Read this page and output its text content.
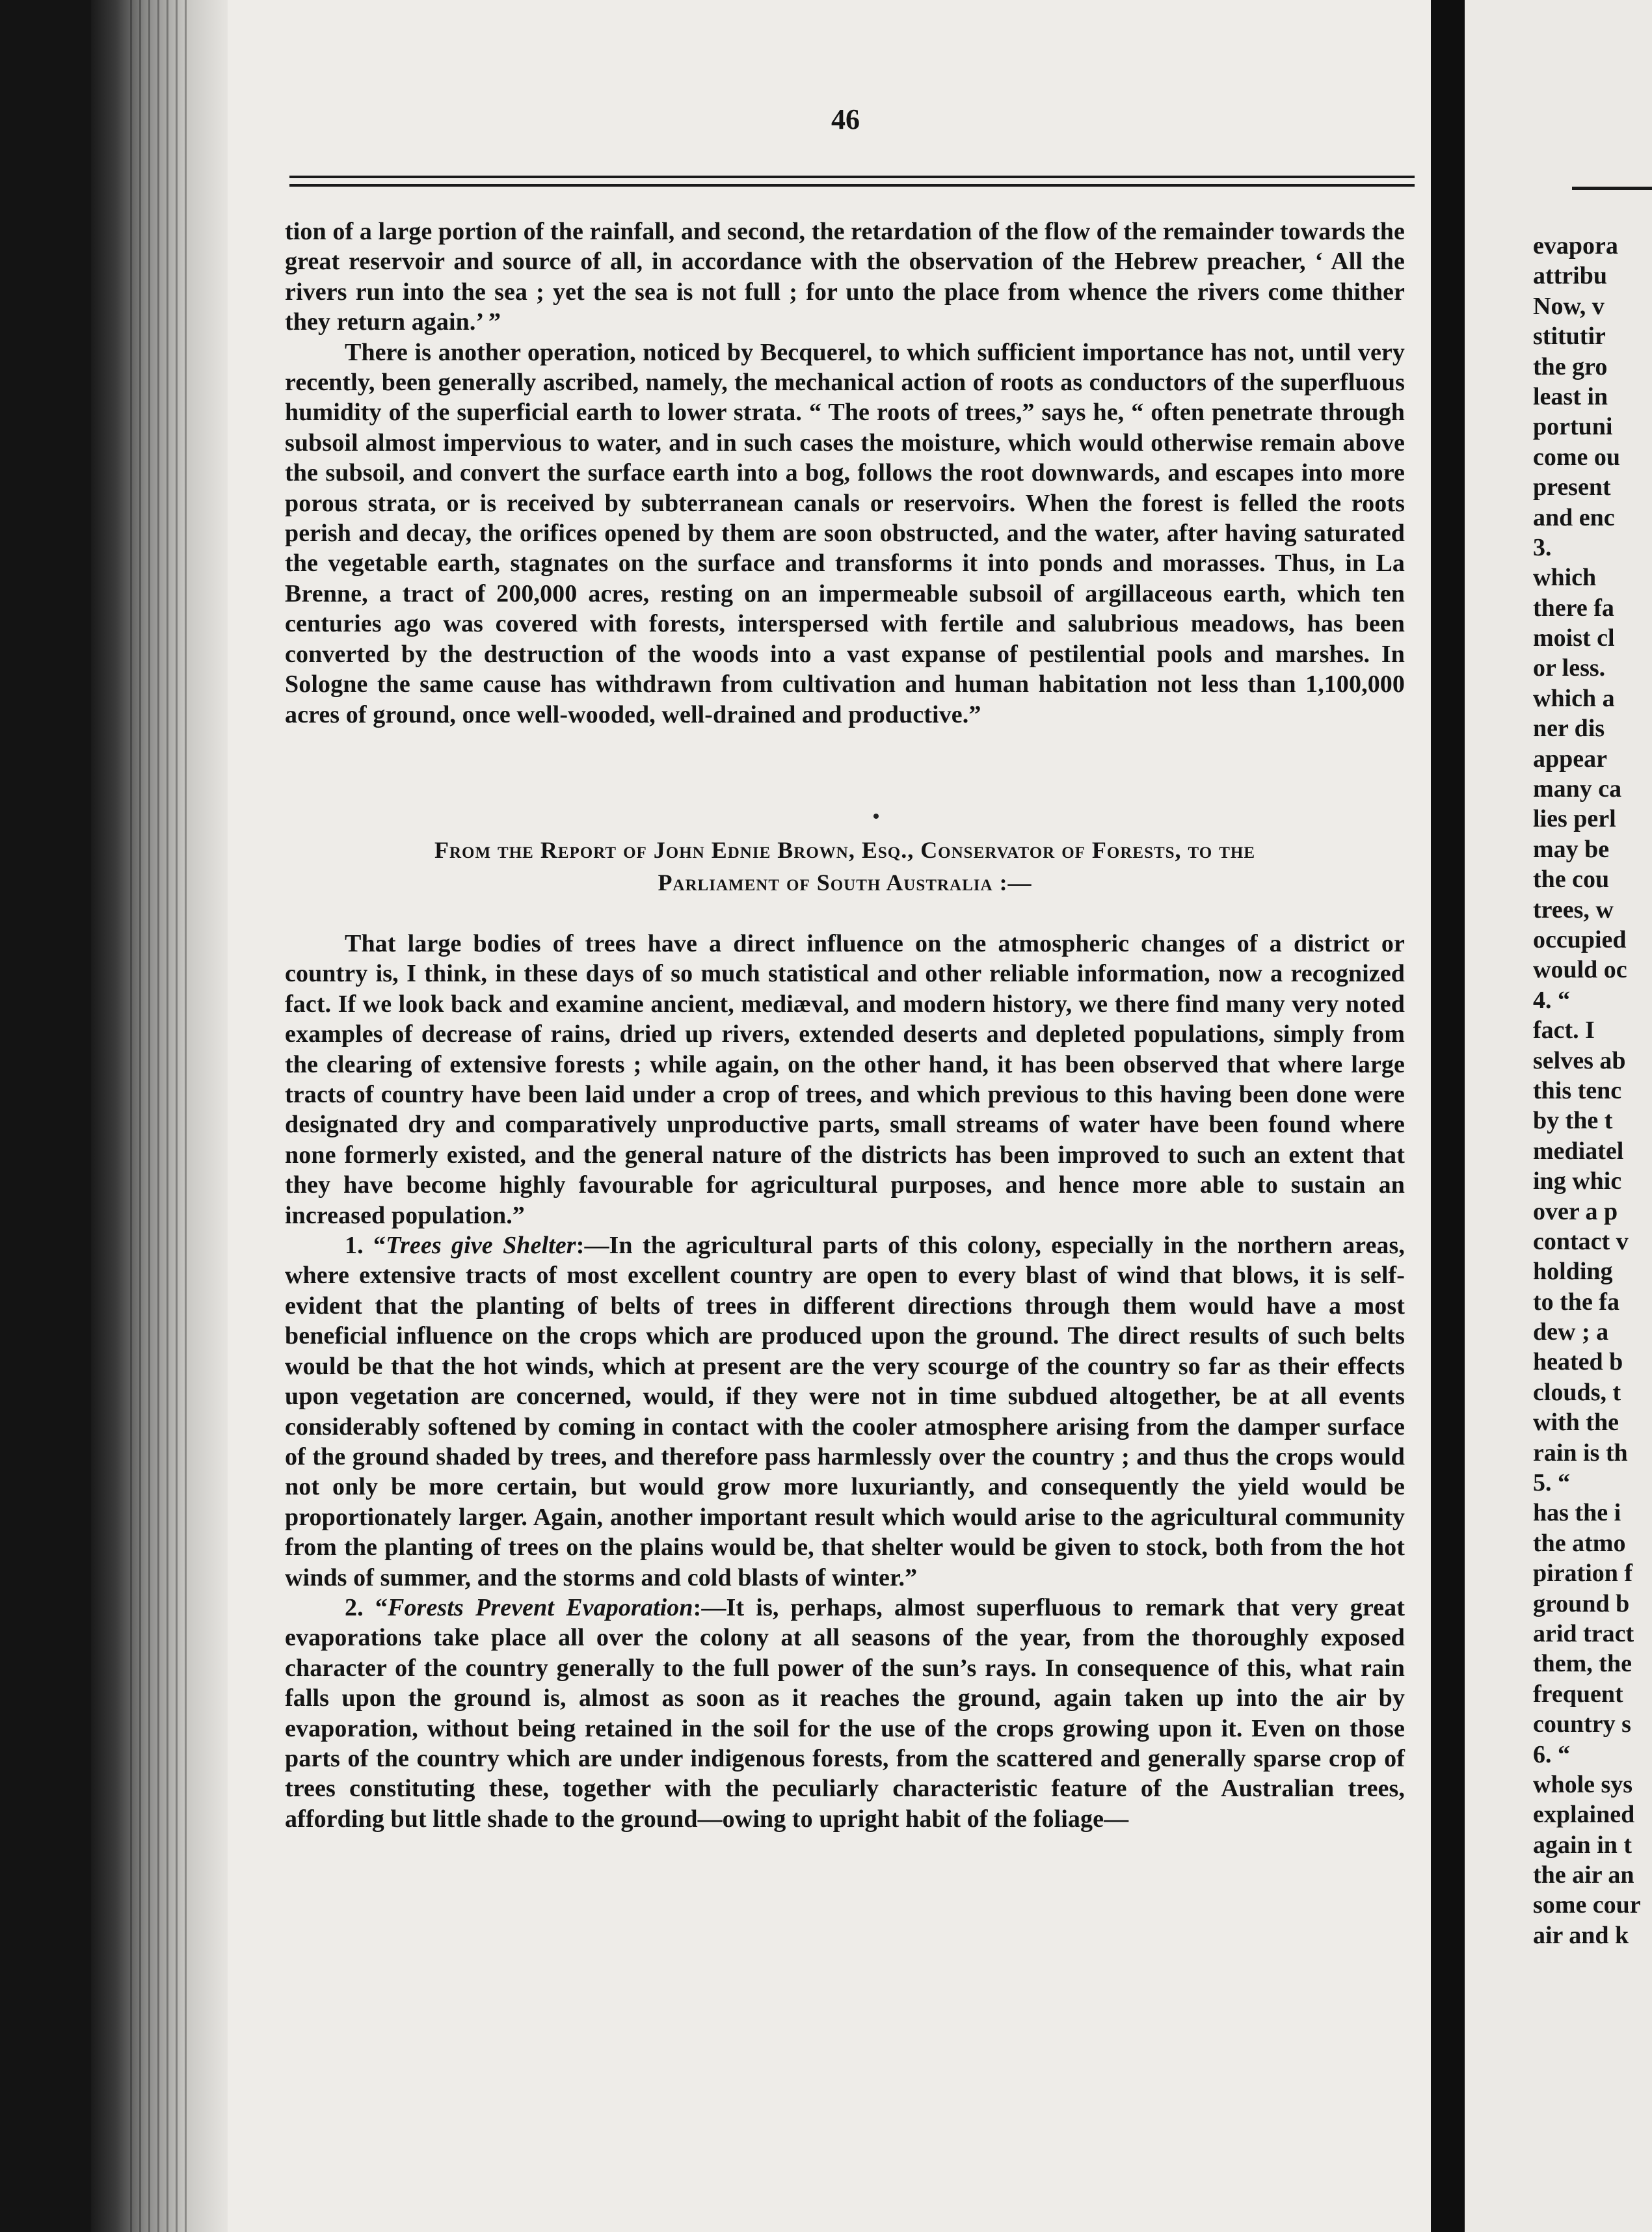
evapora
attribu
Now, v
stitutir
the gro
least in
portuni
come ou
present
and enc
3.
which
there fa
moist cl
or less.
which a
ner dis
appear
many ca
lies perl
may be
the cou
trees, w
occupied
would oc
4. “
fact. I
selves ab
this tenc
by the t
mediatel
ing whic
over a p
contact v
holding
to the fa
dew ; a
heated b
clouds, t
with the
rain is th
5. “
has the i
the atmo
piration f
ground b
arid tract
them, the
frequent
country s
6. “
whole sys
explained
again in t
the air an
some cour
air and k
46

tion of a large portion of the rainfall, and second, the retardation of the flow of the remainder towards the great reservoir and source of all, in accordance with the observation of the Hebrew preacher, ‘ All the rivers run into the sea ; yet the sea is not full ; for unto the place from whence the rivers come thither they return again.’ ”

There is another operation, noticed by Becquerel, to which sufficient importance has not, until very recently, been generally ascribed, namely, the mechanical action of roots as conductors of the superfluous humidity of the superficial earth to lower strata. “ The roots of trees,” says he, “ often penetrate through subsoil almost impervious to water, and in such cases the moisture, which would otherwise remain above the subsoil, and convert the surface earth into a bog, follows the root downwards, and escapes into more porous strata, or is received by subterranean canals or reservoirs. When the forest is felled the roots perish and decay, the orifices opened by them are soon obstructed, and the water, after having saturated the vegetable earth, stagnates on the surface and transforms it into ponds and morasses. Thus, in La Brenne, a tract of 200,000 acres, resting on an impermeable subsoil of argillaceous earth, which ten centuries ago was covered with forests, interspersed with fertile and salubrious meadows, has been converted by the destruction of the woods into a vast expanse of pestilential pools and marshes. In Sologne the same cause has withdrawn from cultivation and human habitation not less than 1,100,000 acres of ground, once well-wooded, well-drained and productive.”

From the Report of John Ednie Brown, Esq., Conservator of Forests, to the
Parliament of South Australia :—

That large bodies of trees have a direct influence on the atmospheric changes of a district or country is, I think, in these days of so much statistical and other reliable information, now a recognized fact. If we look back and examine ancient, mediæval, and modern history, we there find many very noted examples of decrease of rains, dried up rivers, extended deserts and depleted populations, simply from the clearing of extensive forests ; while again, on the other hand, it has been observed that where large tracts of country have been laid under a crop of trees, and which previous to this having been done were designated dry and comparatively unproductive parts, small streams of water have been found where none formerly existed, and the general nature of the districts has been improved to such an extent that they have become highly favourable for agricultural purposes, and hence more able to sustain an increased population.”

1. “Trees give Shelter:—In the agricultural parts of this colony, especially in the northern areas, where extensive tracts of most excellent country are open to every blast of wind that blows, it is self-evident that the planting of belts of trees in different directions through them would have a most beneficial influence on the crops which are produced upon the ground. The direct results of such belts would be that the hot winds, which at present are the very scourge of the country so far as their effects upon vegetation are concerned, would, if they were not in time subdued altogether, be at all events considerably softened by coming in contact with the cooler atmosphere arising from the damper surface of the ground shaded by trees, and therefore pass harmlessly over the country ; and thus the crops would not only be more certain, but would grow more luxuriantly, and consequently the yield would be proportionately larger. Again, another important result which would arise to the agricultural community from the planting of trees on the plains would be, that shelter would be given to stock, both from the hot winds of summer, and the storms and cold blasts of winter.”

2. “Forests Prevent Evaporation:—It is, perhaps, almost superfluous to remark that very great evaporations take place all over the colony at all seasons of the year, from the thoroughly exposed character of the country generally to the full power of the sun’s rays. In consequence of this, what rain falls upon the ground is, almost as soon as it reaches the ground, again taken up into the air by evaporation, without being retained in the soil for the use of the crops growing upon it. Even on those parts of the country which are under indigenous forests, from the scattered and generally sparse crop of trees constituting these, together with the peculiarly characteristic feature of the Australian trees, affording but little shade to the ground—owing to upright habit of the foliage—
